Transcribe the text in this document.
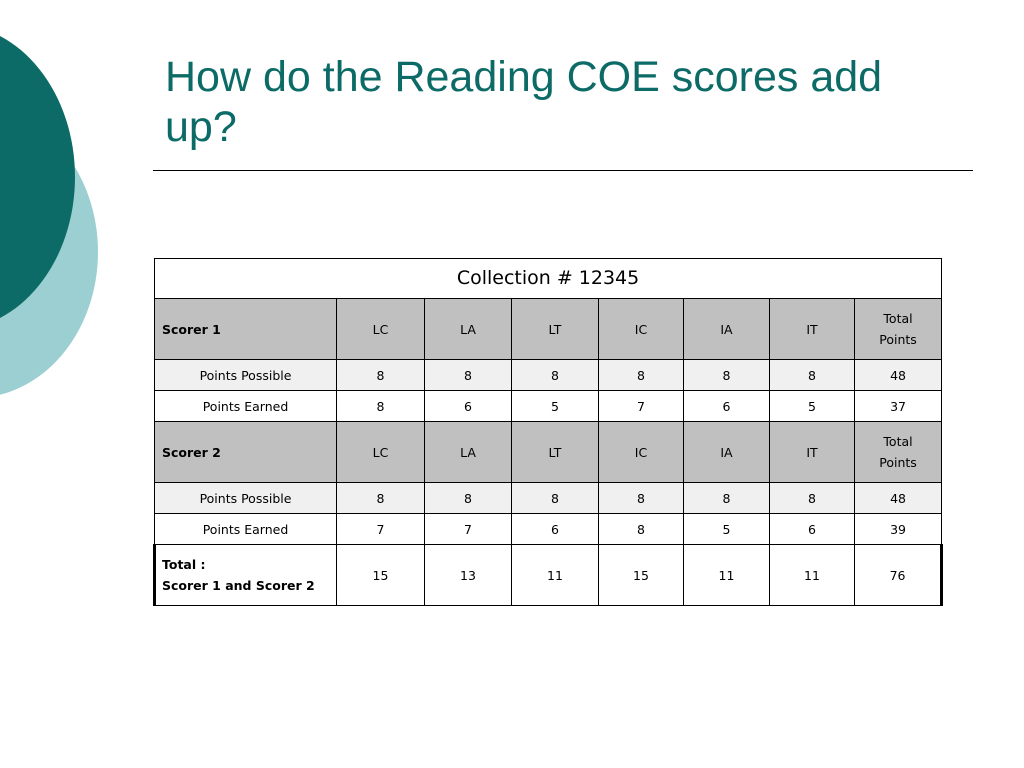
How do the Reading COE scores add up?
Collection # 12345							
Scorer 1	LC	LA	LT	IC	IA	IT	Total
Points

Points Possible	8	8	8	8	8	8	48
Points Earned	8	6	5	7	6	5	37
Scorer 2	LC	LA	LT	IC	IA	IT	Total
Points

Points Possible	8	8	8	8	8	8	48
Points Earned	7	7	6	8	5	6	39

Total :
Scorer 1 and Scorer 2	15	13	11	15	11	11	76
